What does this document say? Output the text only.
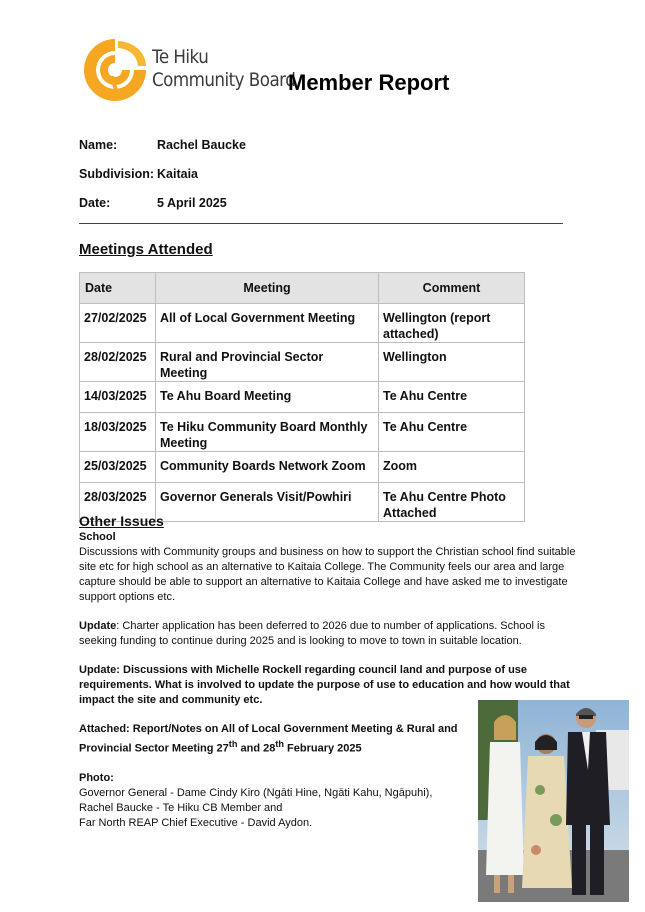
Te Hiku
Community Board
Member Report
Name:	Rachel Baucke
Subdivision: Kaitaia
Date:	5 April 2025
Meetings Attended
Date	Meeting	Comment
27/02/2025	All of Local Government Meeting	Wellington (report attached)
28/02/2025	Rural and Provincial Sector Meeting	Wellington
14/03/2025	Te Ahu Board Meeting	Te Ahu Centre
18/03/2025	Te Hiku Community Board Monthly Meeting	Te Ahu Centre
25/03/2025	Community Boards Network Zoom	Zoom
28/03/2025	Governor Generals Visit/Powhiri	Te Ahu Centre Photo Attached
Other Issues
School
Discussions with Community groups and business on how to support the Christian school find suitable site etc for high school as an alternative to Kaitaia College. The Community feels our area and large capture should be able to support an alternative to Kaitaia College and have asked me to investigate support options etc.
Update: Charter application has been deferred to 2026 due to number of applications. School is seeking funding to continue during 2025 and is looking to move to town in suitable location.
Update: Discussions with Michelle Rockell regarding council land and purpose of use requirements. What is involved to update the purpose of use to education and how would that impact the site and community etc.
Attached: Report/Notes on All of Local Government Meeting & Rural and Provincial Sector Meeting 27th and 28th February 2025
Photo:
Governor General - Dame Cindy Kiro (Ngāti Hine, Ngāti Kahu, Ngāpuhi),
Rachel Baucke - Te Hiku CB Member and
Far North REAP Chief Executive - David Aydon.
